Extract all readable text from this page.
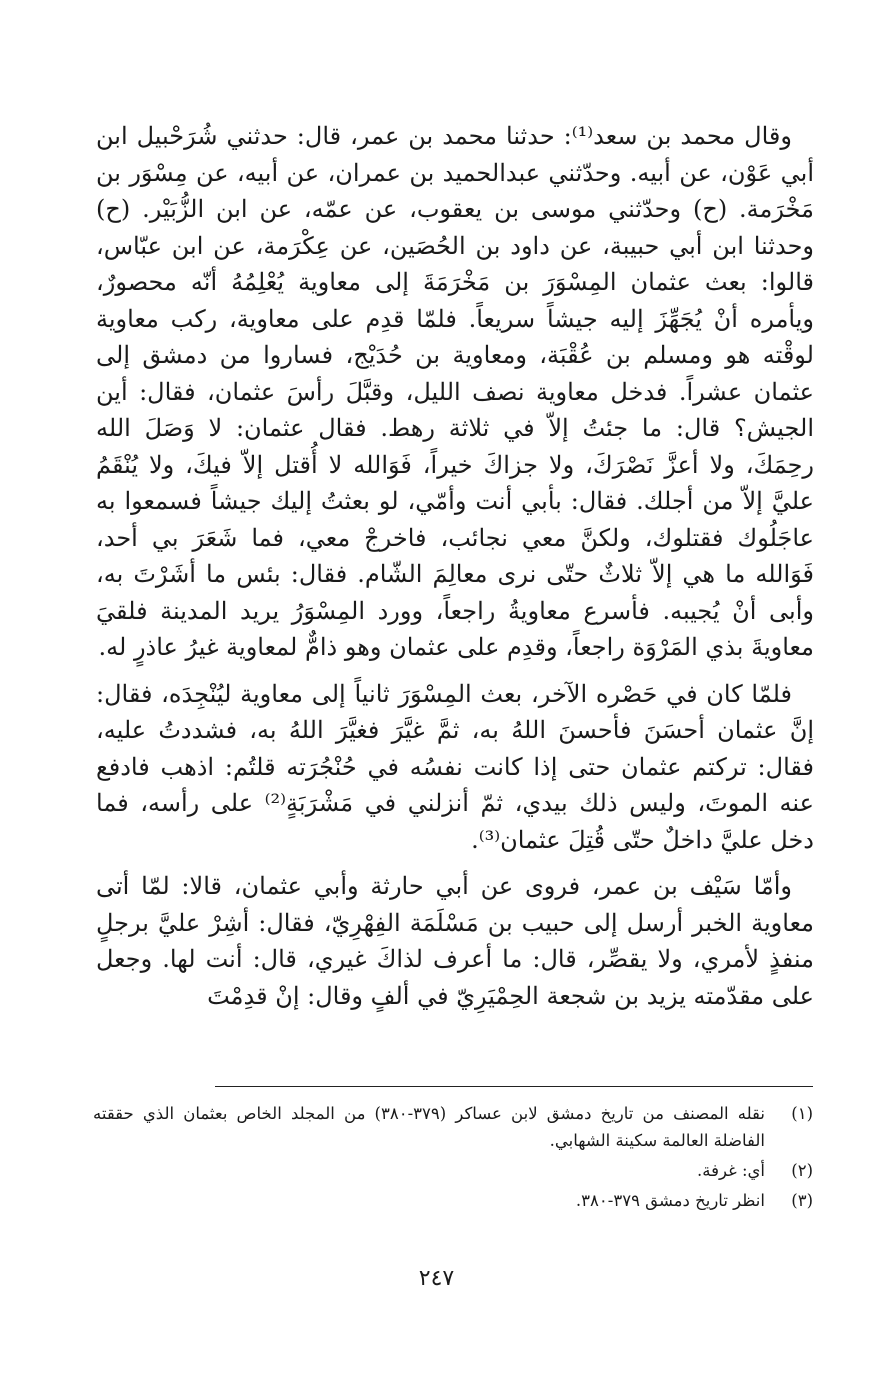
وقال محمد بن سعد⁽¹⁾: حدثنا محمد بن عمر، قال: حدثني شُرَحْبيل ابن أبي عَوْن، عن أبيه. وحدّثني عبدالحميد بن عمران، عن أبيه، عن مِسْوَر بن مَخْرَمة. (ح) وحدّثني موسى بن يعقوب، عن عمّه، عن ابن الزُّبَيْر. (ح) وحدثنا ابن أبي حبيبة، عن داود بن الحُصَين، عن عِكْرَمة، عن ابن عبّاس، قالوا: بعث عثمان المِسْوَرَ بن مَخْرَمَةَ إلى معاوية يُعْلِمُهُ أنّه محصورٌ، ويأمره أنْ يُجَهِّزَ إليه جيشاً سريعاً. فلمّا قدِم على معاوية، ركب معاوية لوقْته هو ومسلم بن عُقْبَة، ومعاوية بن حُدَيْج، فساروا من دمشق إلى عثمان عشراً. فدخل معاوية نصف الليل، وقبَّلَ رأسَ عثمان، فقال: أين الجيش؟ قال: ما جئتُ إلاّ في ثلاثة رهط. فقال عثمان: لا وَصَلَ الله رحِمَكَ، ولا أعزَّ نَصْرَكَ، ولا جزاكَ خيراً، فَوَالله لا أُقتل إلاّ فيكَ، ولا يُنْقَمُ عليَّ إلاّ من أجلك. فقال: بأبي أنت وأمّي، لو بعثتُ إليك جيشاً فسمعوا به عاجَلُوك فقتلوك، ولكنَّ معي نجائب، فاخرجْ معي، فما شَعَرَ بي أحد، فَوَالله ما هي إلاّ ثلاثٌ حتّى نرى معالِمَ الشّام. فقال: بئس ما أشَرْتَ به، وأبى أنْ يُجيبه. فأسرع معاويةُ راجعاً، وورد المِسْوَرُ يريد المدينة فلقيَ معاويةَ بذي المَرْوَة راجعاً، وقدِم على عثمان وهو ذامٌّ لمعاوية غيرُ عاذرٍ له.

فلمّا كان في حَصْره الآخر، بعث المِسْوَرَ ثانياً إلى معاوية ليُنْجِدَه، فقال: إنَّ عثمان أحسَنَ فأحسنَ اللهُ به، ثمَّ غيَّرَ فغيَّرَ اللهُ به، فشددتُ عليه، فقال: تركتم عثمان حتى إذا كانت نفسُه في حُنْجُرَته قلتُم: اذهب فادفع عنه الموتَ، وليس ذلك بيدي، ثمّ أنزلني في مَشْرَبَةٍ⁽²⁾ على رأسه، فما دخل عليَّ داخلٌ حتّى قُتِلَ عثمان⁽³⁾.

وأمّا سَيْف بن عمر، فروى عن أبي حارثة وأبي عثمان، قالا: لمّا أتى معاوية الخبر أرسل إلى حبيب بن مَسْلَمَة الفِهْرِيّ، فقال: أشِرْ عليَّ برجلٍ منفذٍ لأمري، ولا يقصِّر، قال: ما أعرف لذاكَ غيري، قال: أنت لها. وجعل على مقدّمته يزيد بن شجعة الحِمْيَرِيّ في ألفٍ وقال: إنْ قدِمْتَ

(١)
نقله المصنف من تاريخ دمشق لابن عساكر (٣٧٩-٣٨٠) من المجلد الخاص بعثمان الذي حققته الفاضلة العالمة سكينة الشهابي.
(٢)
أي: غرفة.
(٣)
انظر تاريخ دمشق ٣٧٩-٣٨٠.
٢٤٧
